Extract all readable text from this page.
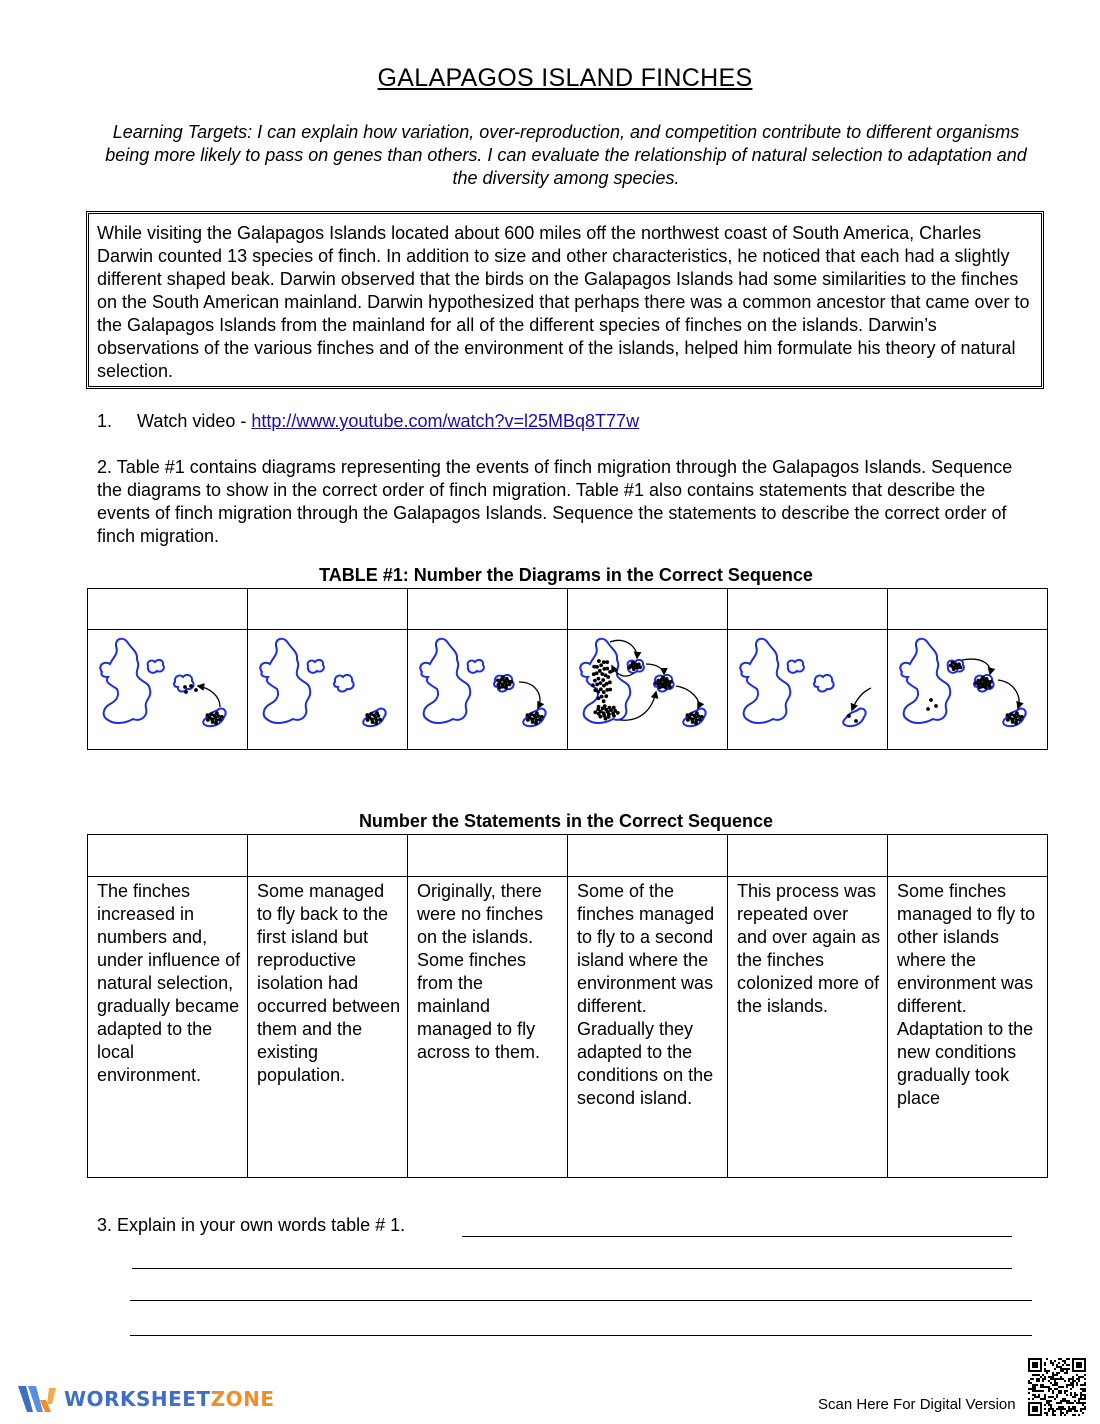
GALAPAGOS ISLAND FINCHES
Learning Targets: I can explain how variation, over-reproduction, and competition contribute to different organisms being more likely to pass on genes than others. I can evaluate the relationship of natural selection to adaptation and the diversity among species.
While visiting the Galapagos Islands located about 600 miles off the northwest coast of South America, Charles Darwin counted 13 species of finch. In addition to size and other characteristics, he noticed that each had a slightly different shaped beak. Darwin observed that the birds on the Galapagos Islands had some similarities to the finches on the South American mainland. Darwin hypothesized that perhaps there was a common ancestor that came over to the Galapagos Islands from the mainland for all of the different species of finches on the islands. Darwin’s observations of the various finches and of the environment of the islands, helped him formulate his theory of natural selection.
1. Watch video - http://www.youtube.com/watch?v=l25MBq8T77w
2. Table #1 contains diagrams representing the events of finch migration through the Galapagos Islands. Sequence the diagrams to show in the correct order of finch migration. Table #1 also contains statements that describe the events of finch migration through the Galapagos Islands. Sequence the statements to describe the correct order of finch migration.
TABLE #1: Number the Diagrams in the Correct Sequence

Number the Statements in the Correct Sequence

The finches increased in numbers and, under influence of natural selection, gradually became adapted to the local environment.	Some managed to fly back to the first island but reproductive isolation had occurred between them and the existing population.	Originally, there were no finches on the islands. Some finches from the mainland managed to fly across to them.	Some of the finches managed to fly to a second island where the environment was different. Gradually they adapted to the conditions on the second island.	This process was repeated over and over again as the finches colonized more of the islands.	Some finches managed to fly to other islands where the environment was different. Adaptation to the new conditions gradually took place
3. Explain in your own words table # 1.
WORKSHEETZONE	Scan Here For Digital Version
